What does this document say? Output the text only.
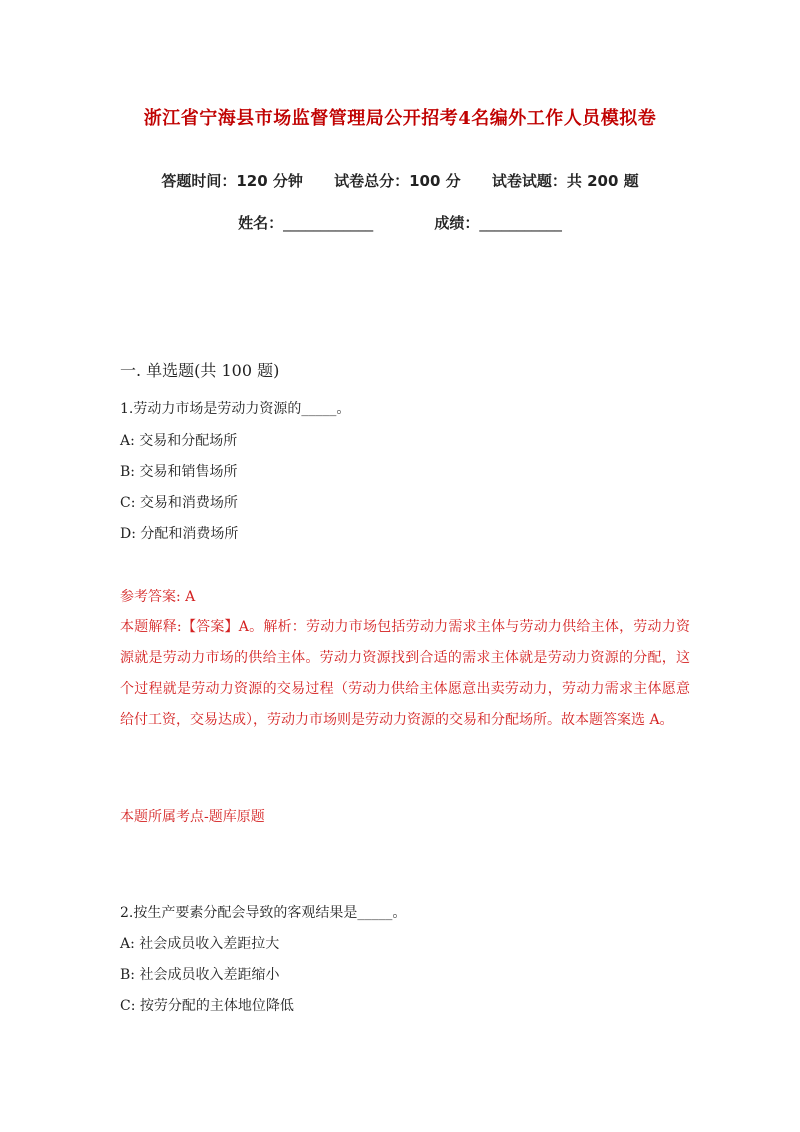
浙江省宁海县市场监督管理局公开招考4名编外工作人员模拟卷
答题时间：120 分钟 试卷总分：100 分 试卷试题：共 200 题
姓名：____________	成绩：___________
一. 单选题(共 100 题)
1.劳动力市场是劳动力资源的_____。
A: 交易和分配场所
B: 交易和销售场所
C: 交易和消费场所
D: 分配和消费场所
参考答案: A
本题解释:【答案】A。解析：劳动力市场包括劳动力需求主体与劳动力供给主体，劳动力资源就是劳动力市场的供给主体。劳动力资源找到合适的需求主体就是劳动力资源的分配，这个过程就是劳动力资源的交易过程（劳动力供给主体愿意出卖劳动力，劳动力需求主体愿意给付工资，交易达成），劳动力市场则是劳动力资源的交易和分配场所。故本题答案选 A。
本题所属考点-题库原题
2.按生产要素分配会导致的客观结果是_____。
A: 社会成员收入差距拉大
B: 社会成员收入差距缩小
C: 按劳分配的主体地位降低
